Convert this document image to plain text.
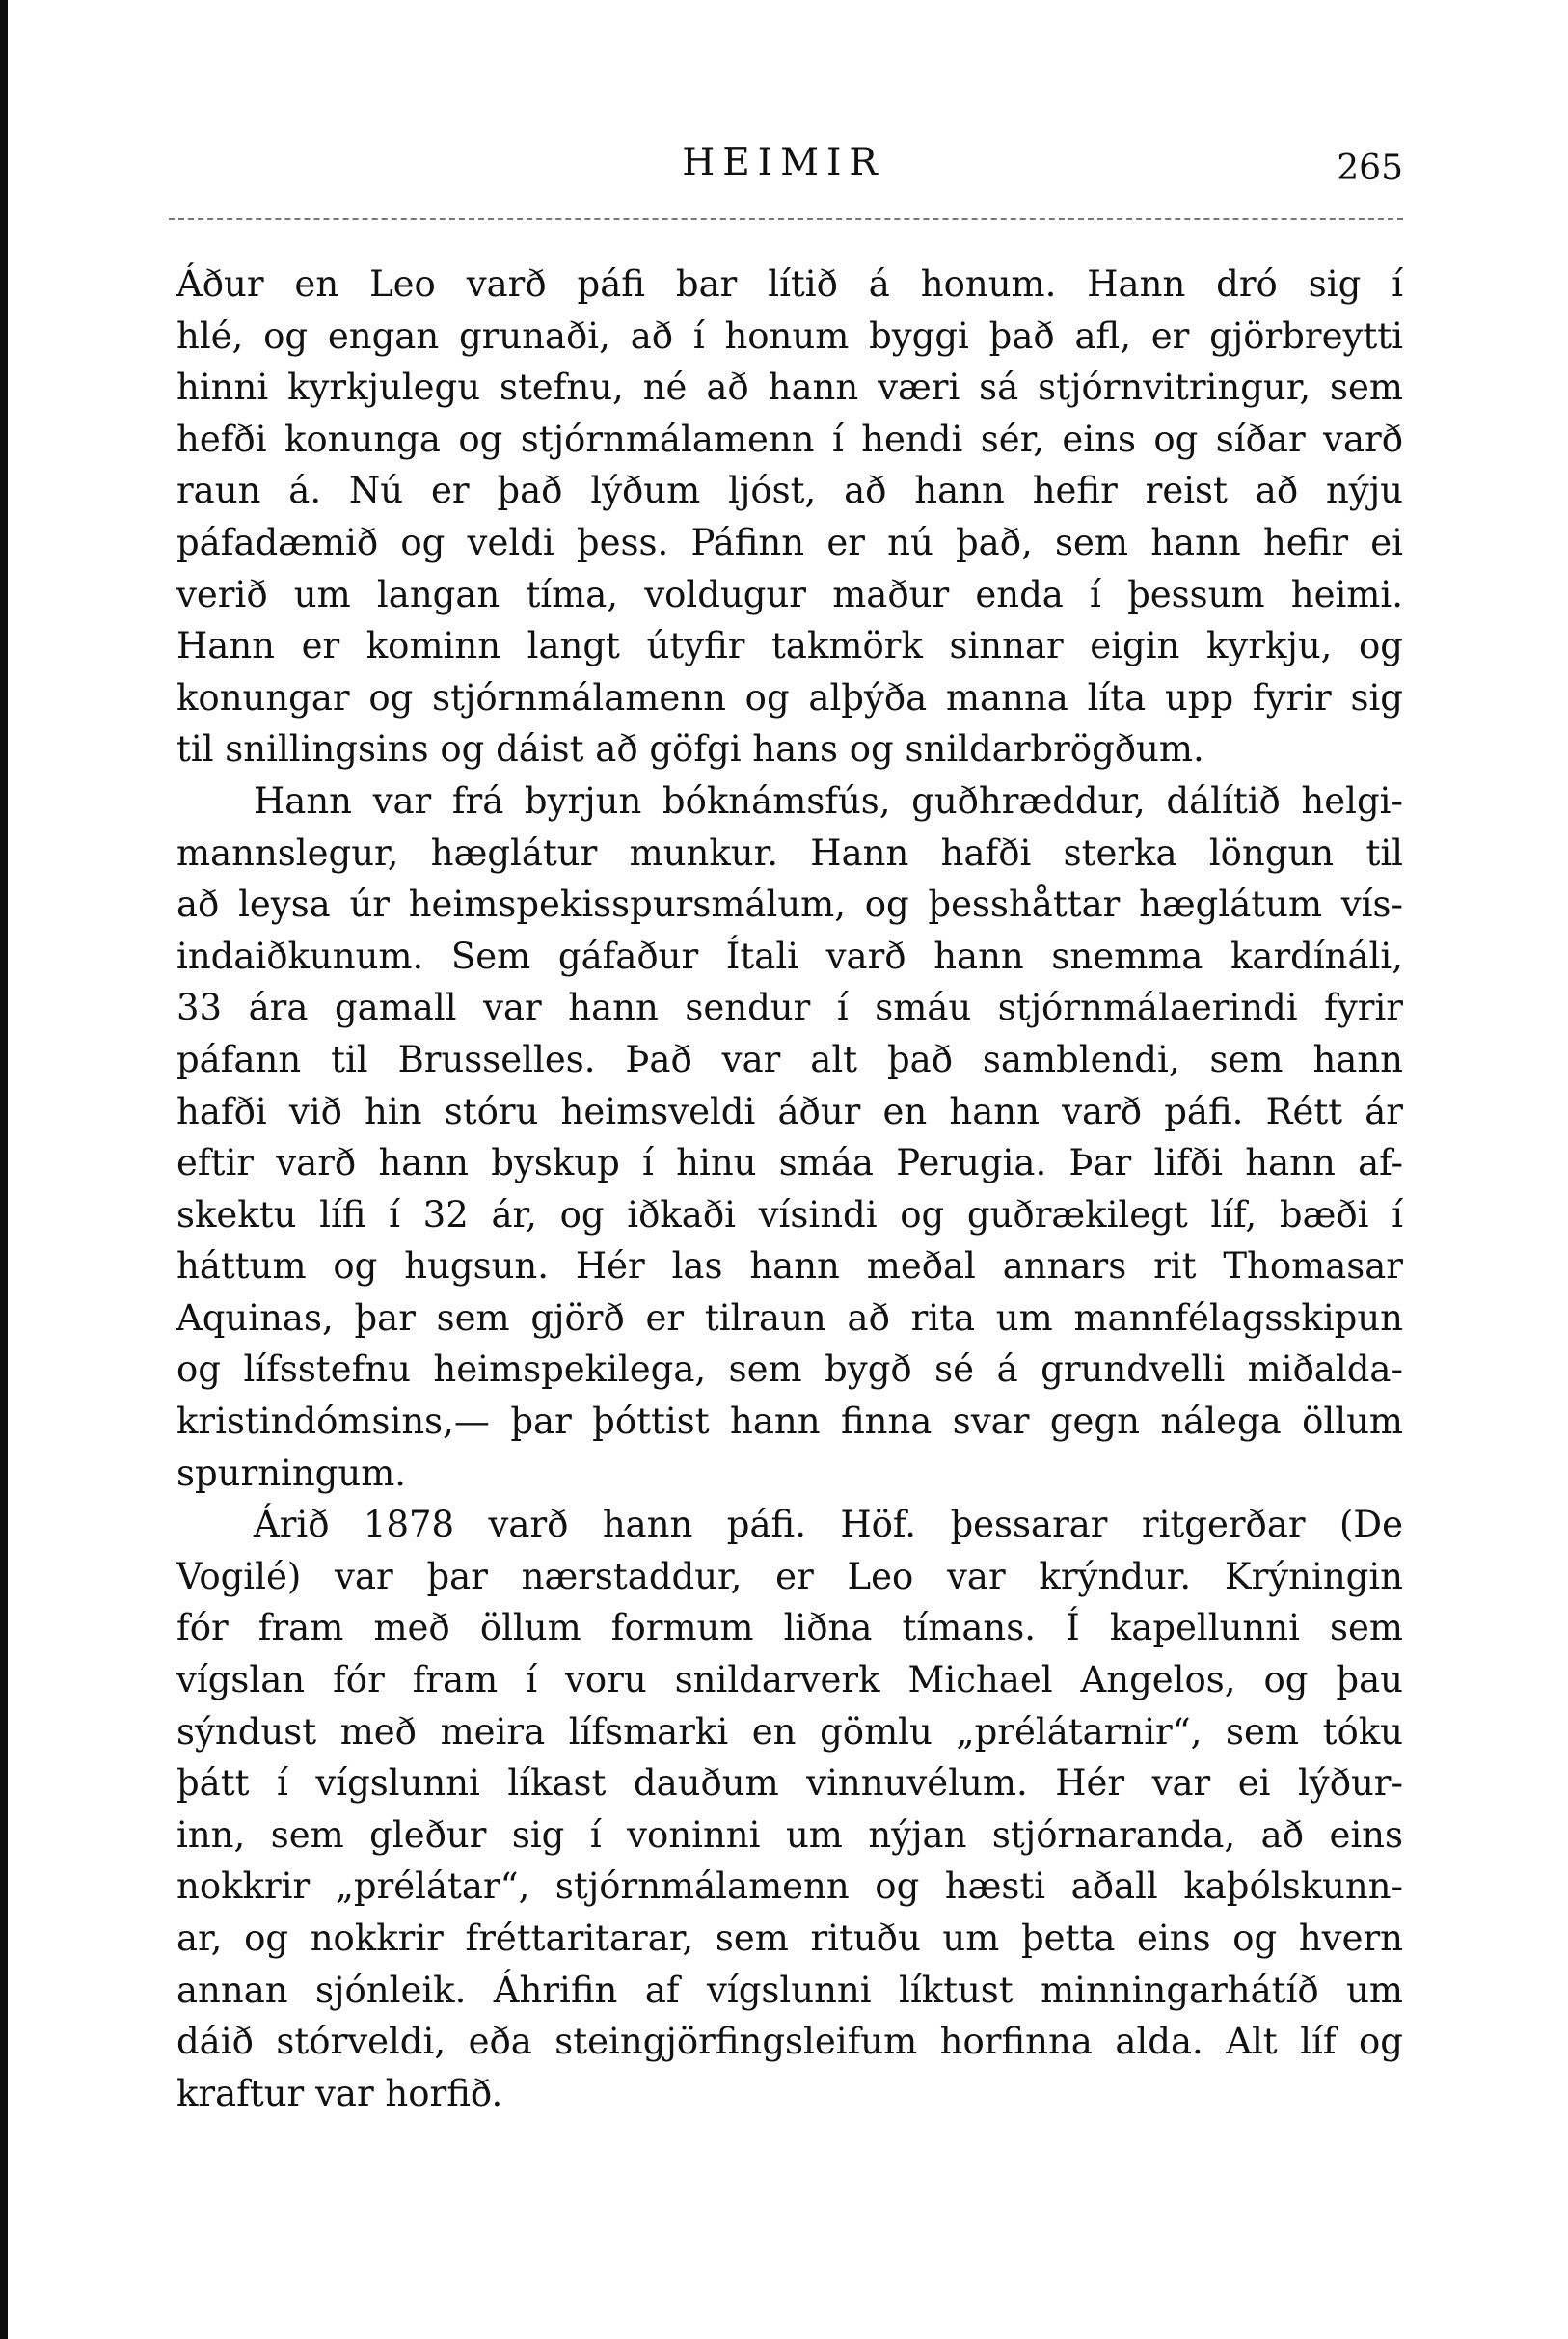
HEIMIR	265
Áður en Leo varð páfi bar lítið á honum. Hann dró sig í
hlé, og engan grunaði, að í honum byggi það afl, er gjörbreytti
hinni kyrkjulegu stefnu, né að hann væri sá stjórnvitringur, sem
hefði konunga og stjórnmálamenn í hendi sér, eins og síðar varð
raun á. Nú er það lýðum ljóst, að hann hefir reist að nýju
páfadæmið og veldi þess. Páfinn er nú það, sem hann hefir ei
verið um langan tíma, voldugur maður enda í þessum heimi.
Hann er kominn langt útyfir takmörk sinnar eigin kyrkju, og
konungar og stjórnmálamenn og alþýða manna líta upp fyrir sig
til snillingsins og dáist að göfgi hans og snildarbrögðum.
Hann var frá byrjun bóknámsfús, guðhræddur, dálítið helgi-
mannslegur, hæglátur munkur. Hann hafði sterka löngun til
að leysa úr heimspekisspursmálum, og þesshåttar hæglátum vís-
indaiðkunum. Sem gáfaður Ítali varð hann snemma kardínáli,
33 ára gamall var hann sendur í smáu stjórnmálaerindi fyrir
páfann til Brusselles. Það var alt það samblendi, sem hann
hafði við hin stóru heimsveldi áður en hann varð páfi. Rétt ár
eftir varð hann byskup í hinu smáa Perugia. Þar lifði hann af-
skektu lífi í 32 ár, og iðkaði vísindi og guðrækilegt líf, bæði í
háttum og hugsun. Hér las hann meðal annars rit Thomasar
Aquinas, þar sem gjörð er tilraun að rita um mannfélagsskipun
og lífsstefnu heimspekilega, sem bygð sé á grundvelli miðalda-
kristindómsins,— þar þóttist hann finna svar gegn nálega öllum
spurningum.
Árið 1878 varð hann páfi. Höf. þessarar ritgerðar (De
Vogilé) var þar nærstaddur, er Leo var krýndur. Krýningin
fór fram með öllum formum liðna tímans. Í kapellunni sem
vígslan fór fram í voru snildarverk Michael Angelos, og þau
sýndust með meira lífsmarki en gömlu „prélátarnir“, sem tóku
þátt í vígslunni líkast dauðum vinnuvélum. Hér var ei lýður-
inn, sem gleður sig í voninni um nýjan stjórnaranda, að eins
nokkrir „prélátar“, stjórnmálamenn og hæsti aðall kaþólskunn-
ar, og nokkrir fréttaritarar, sem rituðu um þetta eins og hvern
annan sjónleik. Áhrifin af vígslunni líktust minningarhátíð um
dáið stórveldi, eða steingjörfingsleifum horfinna alda. Alt líf og
kraftur var horfið.
